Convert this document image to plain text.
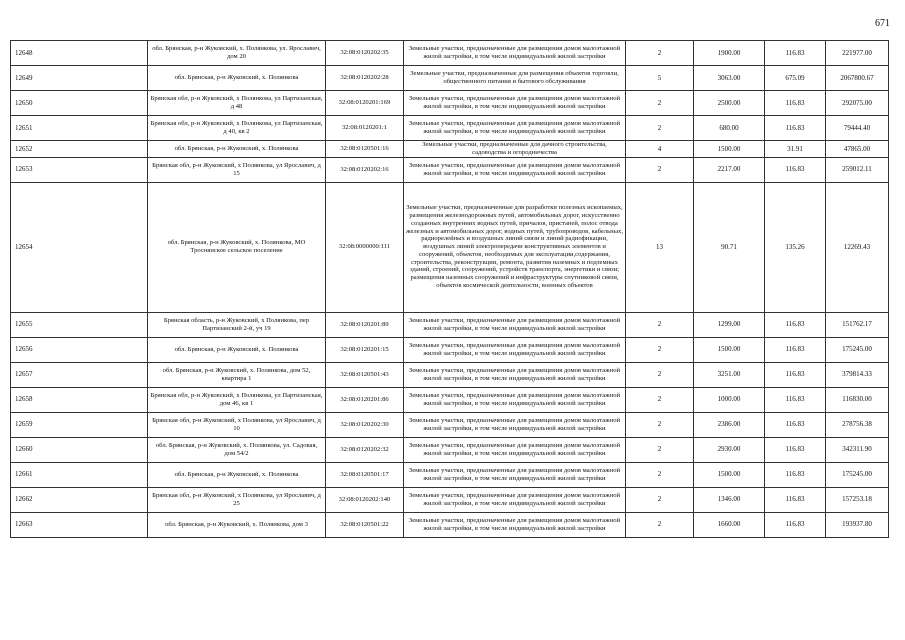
671
12648	обл. Брянская, р-н Жуковский, х. Полянкова, ул. Ярославич, дом 20	32:08:0120202:35	Земельные участки, предназначенные для размещения домов малоэтажной жилой застройки, в том числе индивидуальной жилой застройки	2	1900.00	116.83	221977.00
12649	обл. Брянская, р-н Жуковский, х. Полянкова	32:08:0120202:28	Земельные участки, предназначенные для размещения объектов торговли, общественного питания и бытового обслуживания	5	3063.00	675.09	2067800.67
12650	Брянская обл, р-н Жуковский, х Полянкова, ул Партизанская, д 48	32:08:0120201:169	Земельные участки, предназначенные для размещения домов малоэтажной жилой застройки, в том числе индивидуальной жилой застройки	2	2500.00	116.83	292075.00
12651	Брянская обл, р-н Жуковский, х Полянкова, ул Партизанская, д 40, кв 2	32:08:0120201:1	Земельные участки, предназначенные для размещения домов малоэтажной жилой застройки, в том числе индивидуальной жилой застройки	2	680.00	116.83	79444.40
12652	обл. Брянская, р-н Жуковский, х. Полянкова	32:08:0120501:16	Земельные участки, предназначенные для дачного строительства, садоводства и огородничества	4	1500.00	31.91	47865.00
12653	Брянская обл, р-н Жуковский, х Полянкова, ул Ярославич, д 15	32:08:0120202:16	Земельные участки, предназначенные для размещения домов малоэтажной жилой застройки, в том числе индивидуальной жилой застройки	2	2217.00	116.83	259012.11
12654	обл. Брянская, р-н Жуковский, х. Полянкова, МО Троснянское сельское поселение	32:08:0000000:111	Земельные участки, предназначенные для разработки полезных ископаемых, размещения железнодорожных путей, автомобильных дорог, искусственно созданных внутренних водных путей, причалов, пристаней, полос отвода железных и автомобильных дорог, водных путей, трубопроводов, кабельных, радиорелейных и воздушных линий связи и линий радиофикации, воздушных линий электропередачи конструктивных элементов и сооружений, объектов, необходимых для эксплуатации,содержания, строительства, реконструкции, ремонта, развития наземных и подземных зданий, строений, сооружений, устройств транспорта, энергетики и связи; размещения наземных сооружений и инфраструктуры спутниковой связи, объектов космической деятельности, военных объектов	13	90.71	135.26	12269.43
12655	Брянская область, р-н Жуковский, х Полянкова, пер Партизанский 2-й, уч 19	32:08:0120201:89	Земельные участки, предназначенные для размещения домов малоэтажной жилой застройки, в том числе индивидуальной жилой застройки	2	1299.00	116.83	151762.17
12656	обл. Брянская, р-н Жуковский, х. Полянкова	32:08:0120201:15	Земельные участки, предназначенные для размещения домов малоэтажной жилой застройки, в том числе индивидуальной жилой застройки	2	1500.00	116.83	175245.00
12657	обл. Брянская, р-н Жуковский, х. Полянкова, дом 52, квартира 1	32:08:0120501:43	Земельные участки, предназначенные для размещения домов малоэтажной жилой застройки, в том числе индивидуальной жилой застройки	2	3251.00	116.83	379814.33
12658	Брянская обл, р-н Жуковский, х Полянкова, ул Партизанская, дом 46, кв 1	32:08:0120201:86	Земельные участки, предназначенные для размещения домов малоэтажной жилой застройки, в том числе индивидуальной жилой застройки	2	1000.00	116.83	116830.00
12659	Брянская обл, р-н Жуковский, х Полянкова, ул Ярославич, д 10	32:08:0120202:30	Земельные участки, предназначенные для размещения домов малоэтажной жилой застройки, в том числе индивидуальной жилой застройки	2	2386.00	116.83	278756.38
12660	обл. Брянская, р-н Жуковский, х. Полянкова, ул. Садовая, дом 54/2	32:08:0120202:32	Земельные участки, предназначенные для размещения домов малоэтажной жилой застройки, в том числе индивидуальной жилой застройки	2	2930.00	116.83	342311.90
12661	обл. Брянская, р-н Жуковский, х. Полянкова	32:08:0120501:17	Земельные участки, предназначенные для размещения домов малоэтажной жилой застройки, в том числе индивидуальной жилой застройки	2	1500.00	116.83	175245.00
12662	Брянская обл, р-н Жуковский, х Полянкова, ул Ярославич, д 25	32:08:0120202:140	Земельные участки, предназначенные для размещения домов малоэтажной жилой застройки, в том числе индивидуальной жилой застройки	2	1346.00	116.83	157253.18
12663	обл. Брянская, р-н Жуковский, х. Полянкова, дом 3	32:08:0120501:22	Земельные участки, предназначенные для размещения домов малоэтажной жилой застройки, в том числе индивидуальной жилой застройки	2	1660.00	116.83	193937.80
